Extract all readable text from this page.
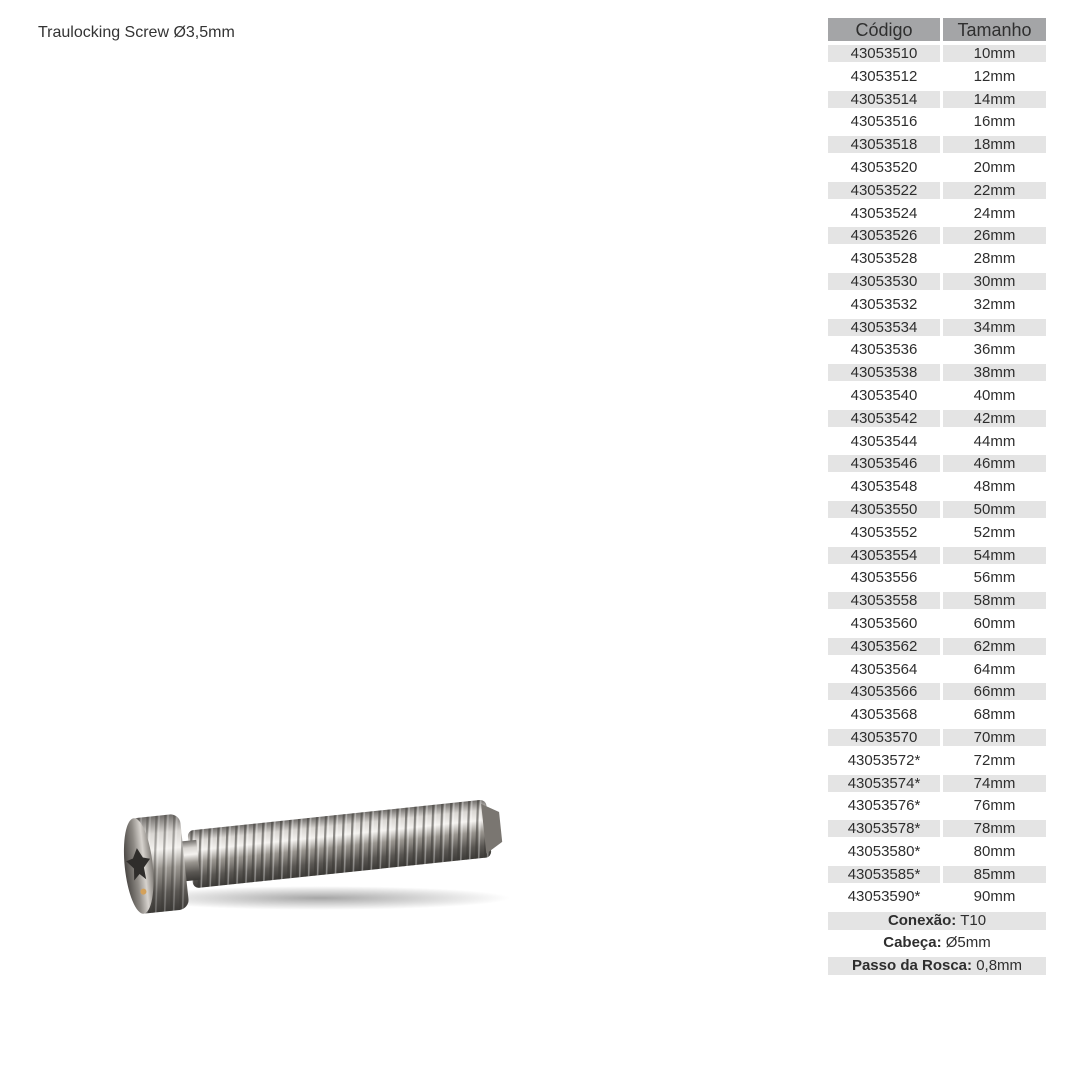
Traulocking Screw Ø3,5mm	Código	Tamanho
43053510	10mm
43053512	12mm
43053514	14mm
43053516	16mm
43053518	18mm
43053520	20mm
43053522	22mm
43053524	24mm
43053526	26mm
43053528	28mm
43053530	30mm
43053532	32mm
43053534	34mm
43053536	36mm
43053538	38mm
43053540	40mm
43053542	42mm
43053544	44mm
43053546	46mm
43053548	48mm
43053550	50mm
43053552	52mm
43053554	54mm
43053556	56mm
43053558	58mm
43053560	60mm
43053562	62mm
43053564	64mm
43053566	66mm
43053568	68mm
43053570	70mm
43053572*	72mm
43053574*	74mm
43053576*	76mm
43053578*	78mm
43053580*	80mm
43053585*	85mm
43053590*	90mm
Conexão: T10
Cabeça: Ø5mm
Passo da Rosca: 0,8mm
